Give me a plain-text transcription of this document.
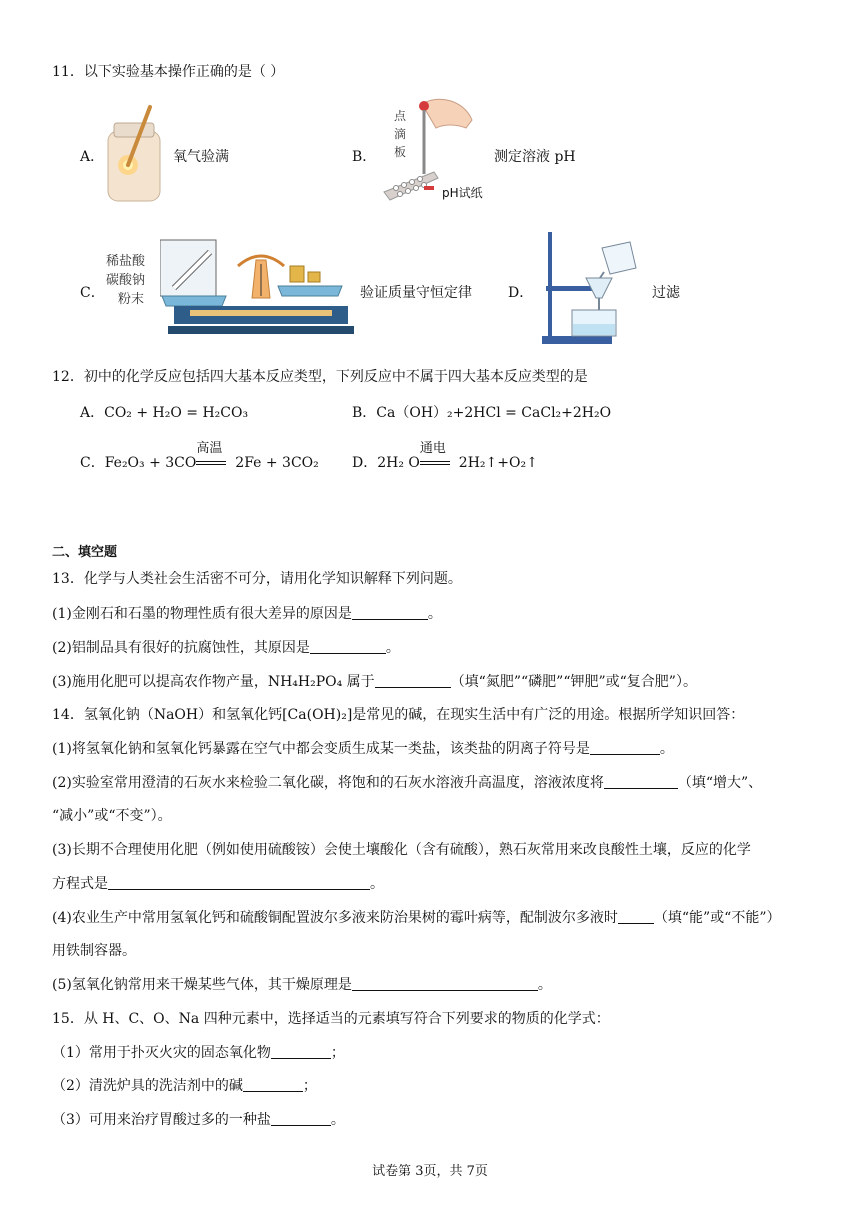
11．以下实验基本操作正确的是（ ）
A．	氧气验满	B．
点
滴
板
pH试纸
测定溶液 pH
C．
稀盐酸
碳酸钠
粉末	验证质量守恒定律	D．	过滤
12．初中的化学反应包括四大基本反应类型，下列反应中不属于四大基本反应类型的是
A．CO₂ + H₂O = H₂CO₃	B．Ca（OH）₂+2HCl = CaCl₂+2H₂O
C．Fe₂O₃ + 3CO
高温
2Fe + 3CO₂ D．2H₂ O
通电
2H₂↑+O₂↑
二、填空题
13．化学与人类社会生活密不可分，请用化学知识解释下列问题。
(1)金刚石和石墨的物理性质有很大差异的原因是	。
(2)铝制品具有很好的抗腐蚀性，其原因是	。
(3)施用化肥可以提高农作物产量，NH₄H₂PO₄ 属于	（填“氮肥”“磷肥”“钾肥”或“复合肥”）。
14．氢氧化钠（NaOH）和氢氧化钙[Ca(OH)₂]是常见的碱，在现实生活中有广泛的用途。根据所学知识回答：
(1)将氢氧化钠和氢氧化钙暴露在空气中都会变质生成某一类盐，该类盐的阴离子符号是	。
(2)实验室常用澄清的石灰水来检验二氧化碳，将饱和的石灰水溶液升高温度，溶液浓度将	（填“增大”、
“减小”或“不变”）。
(3)长期不合理使用化肥（例如使用硫酸铵）会使土壤酸化（含有硫酸），熟石灰常用来改良酸性土壤，反应的化学
方程式是	。
(4)农业生产中常用氢氧化钙和硫酸铜配置波尔多液来防治果树的霉叶病等，配制波尔多液时	（填“能”或“不能”）
用铁制容器。
(5)氢氧化钠常用来干燥某些气体，其干燥原理是	。
15．从 H、C、O、Na 四种元素中，选择适当的元素填写符合下列要求的物质的化学式：
（1）常用于扑灭火灾的固态氧化物	；
（2）清洗炉具的洗洁剂中的碱	；
（3）可用来治疗胃酸过多的一种盐	。
试卷第 3页，共 7页
